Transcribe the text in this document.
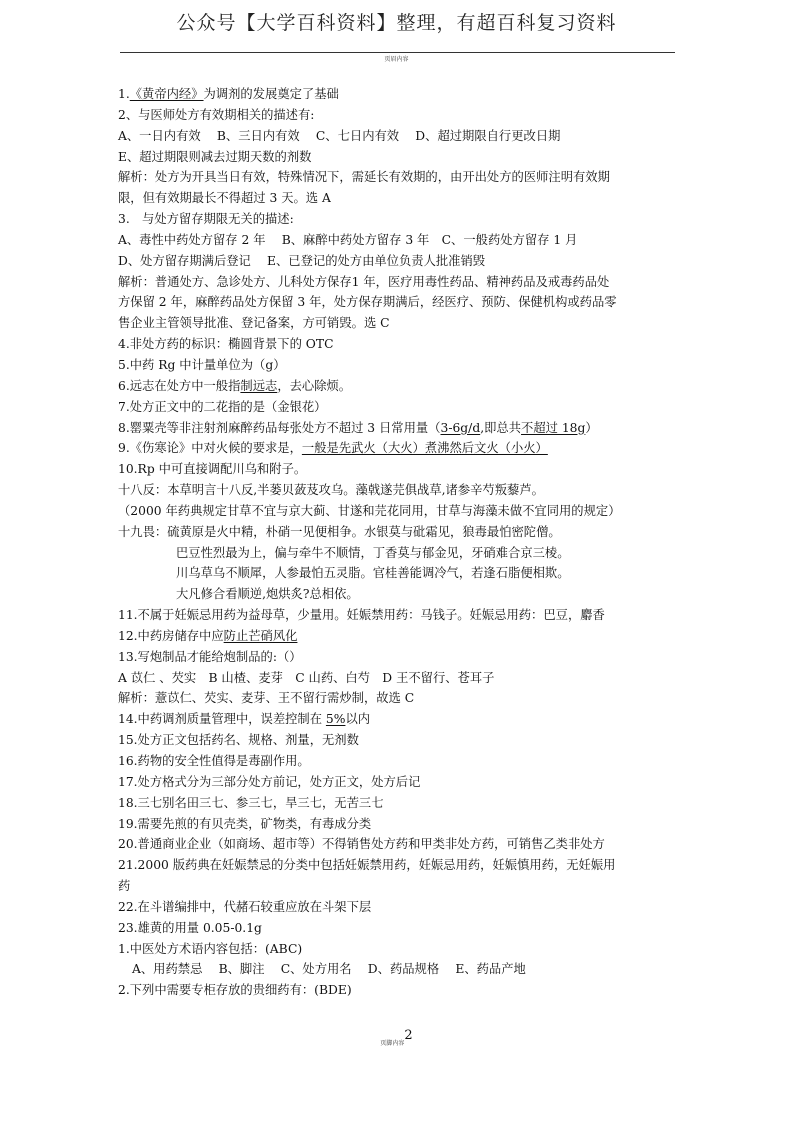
公众号【大学百科资料】整理，有超百科复习资料
页眉内容
1.《黄帝内经》为调剂的发展奠定了基础
2、与医师处方有效期相关的描述有:
A、一日内有效　 B、三日内有效　 C、七日内有效　 D、超过期限自行更改日期
E、超过期限则减去过期天数的剂数
解析：处方为开具当日有效，特殊情况下，需延长有效期的，由开出处方的医师注明有效期
限，但有效期最长不得超过 3 天。选 A
3.　与处方留存期限无关的描述:
A、毒性中药处方留存 2 年　 B、麻醉中药处方留存 3 年　C、一般药处方留存 1 月
D、处方留存期满后登记　 E、已登记的处方由单位负责人批准销毁
解析：普通处方、急诊处方、儿科处方保存1 年，医疗用毒性药品、精神药品及戒毒药品处
方保留 2 年，麻醉药品处方保留 3 年，处方保存期满后，经医疗、预防、保健机构或药品零
售企业主管领导批准、登记备案，方可销毁。选 C
4.非处方药的标识：椭圆背景下的 OTC
5.中药 Rg 中计量单位为（g）
6.远志在处方中一般指制远志，去心除烦。
7.处方正文中的二花指的是（金银花）
8.罂粟壳等非注射剂麻醉药品每张处方不超过 3 日常用量（3-6g/d,即总共不超过 18g）
9.《伤寒论》中对火候的要求是，一般是先武火（大火）煮沸然后文火（小火）
10.Rp 中可直接调配川乌和附子。
十八反：本草明言十八反,半蒌贝蔹芨攻乌。藻戟遂芫俱战草,诸参辛芍叛藜芦。
（2000 年药典规定甘草不宜与京大蓟、甘遂和芫花同用，甘草与海藻未做不宜同用的规定）
十九畏：硫黄原是火中精，朴硝一见便相争。水银莫与砒霜见，狼毒最怕密陀僧。
巴豆性烈最为上，偏与牵牛不顺情，丁香莫与郁金见，牙硝难合京三棱。
川乌草乌不顺犀，人参最怕五灵脂。官桂善能调冷气，若逢石脂便相欺。
大凡修合看顺逆,炮烘炙?总相依。
11.不属于妊娠忌用药为益母草，少量用。妊娠禁用药：马钱子。妊娠忌用药：巴豆，麝香
12.中药房储存中应防止芒硝风化
13.写炮制品才能给炮制品的:（）
A 苡仁 、芡实　B 山楂、麦芽　C 山药、白芍　D 王不留行、苍耳子
解析：薏苡仁、芡实、麦芽、王不留行需炒制，故选 C
14.中药调剂质量管理中，误差控制在 5%以内
15.处方正文包括药名、规格、剂量，无剂数
16.药物的安全性值得是毒副作用。
17.处方格式分为三部分处方前记，处方正文，处方后记
18.三七别名田三七、参三七，旱三七，无苦三七
19.需要先煎的有贝壳类，矿物类，有毒成分类
20.普通商业企业（如商场、超市等）不得销售处方药和甲类非处方药，可销售乙类非处方
21.2000 版药典在妊娠禁忌的分类中包括妊娠禁用药，妊娠忌用药，妊娠慎用药，无妊娠用
药
22.在斗谱编排中，代赭石较重应放在斗架下层
23.雄黄的用量 0.05-0.1g
1.中医处方术语内容包括：(ABC)
A、用药禁忌　 B、脚注　 C、处方用名　 D、药品规格　 E、药品产地
2.下列中需要专柜存放的贵细药有：(BDE)
页脚内容$^2$
